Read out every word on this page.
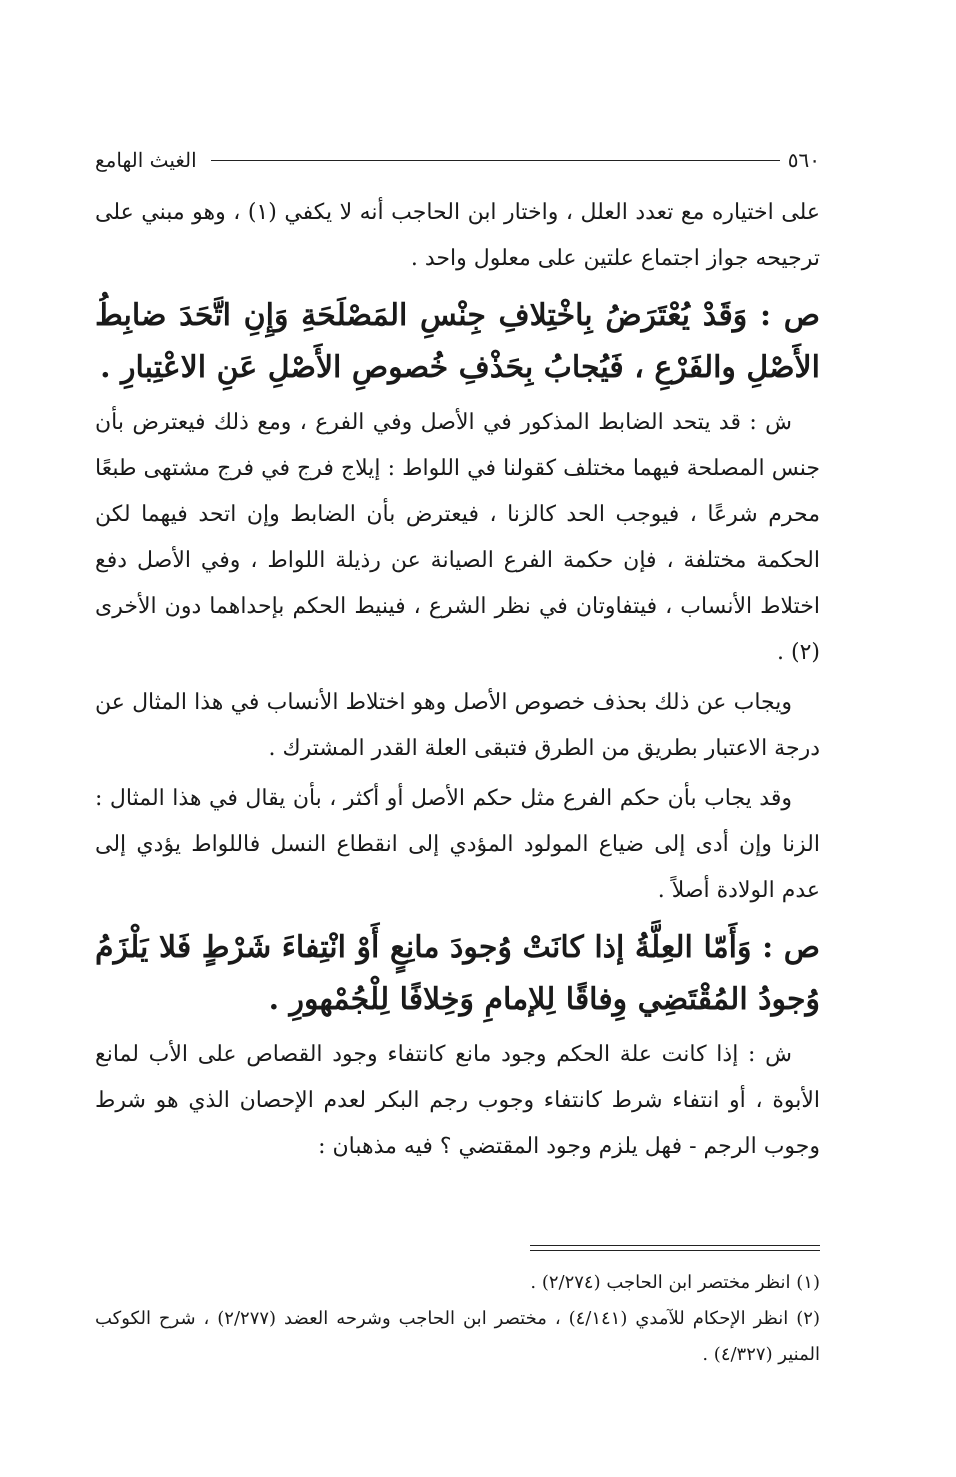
٥٦٠
الغيث الهامع

على اختياره مع تعدد العلل ، واختار ابن الحاجب أنه لا يكفي (١) ، وهو مبني على ترجيحه جواز اجتماع علتين على معلول واحد .

ص : وَقَدْ يُعْتَرَضُ بِاخْتِلافِ جِنْسِ المَصْلَحَةِ وَإِنِ اتَّحَدَ ضابِطُ الأَصْلِ والفَرْعِ ، فَيُجابُ بِحَذْفِ خُصوصِ الأَصْلِ عَنِ الاعْتِبارِ .

ش : قد يتحد الضابط المذكور في الأصل وفي الفرع ، ومع ذلك فيعترض بأن جنس المصلحة فيهما مختلف كقولنا في اللواط : إيلاج فرج في فرج مشتهى طبعًا محرم شرعًا ، فيوجب الحد كالزنا ، فيعترض بأن الضابط وإن اتحد فيهما لكن الحكمة مختلفة ، فإن حكمة الفرع الصيانة عن رذيلة اللواط ، وفي الأصل دفع اختلاط الأنساب ، فيتفاوتان في نظر الشرع ، فينيط الحكم بإحداهما دون الأخرى (٢) .

ويجاب عن ذلك بحذف خصوص الأصل وهو اختلاط الأنساب في هذا المثال عن درجة الاعتبار بطريق من الطرق فتبقى العلة القدر المشترك .

وقد يجاب بأن حكم الفرع مثل حكم الأصل أو أكثر ، بأن يقال في هذا المثال : الزنا وإن أدى إلى ضياع المولود المؤدي إلى انقطاع النسل فاللواط يؤدي إلى عدم الولادة أصلاً .

ص : وَأَمّا العِلَّةُ إذا كانَتْ وُجودَ مانِعٍ أَوْ انْتِفاءَ شَرْطٍ فَلا يَلْزَمُ وُجودُ المُقْتَضِي وِفاقًا لِلإمامِ وَخِلافًا لِلْجُمْهورِ .

ش : إذا كانت علة الحكم وجود مانع كانتفاء وجود القصاص على الأب لمانع الأبوة ، أو انتفاء شرط كانتفاء وجوب رجم البكر لعدم الإحصان الذي هو شرط وجوب الرجم - فهل يلزم وجود المقتضي ؟ فيه مذهبان :

(١) انظر مختصر ابن الحاجب (٢/٢٧٤) .

(٢) انظر الإحكام للآمدي (٤/١٤١) ، مختصر ابن الحاجب وشرحه العضد (٢/٢٧٧) ، شرح الكوكب المنير (٤/٣٢٧) .
